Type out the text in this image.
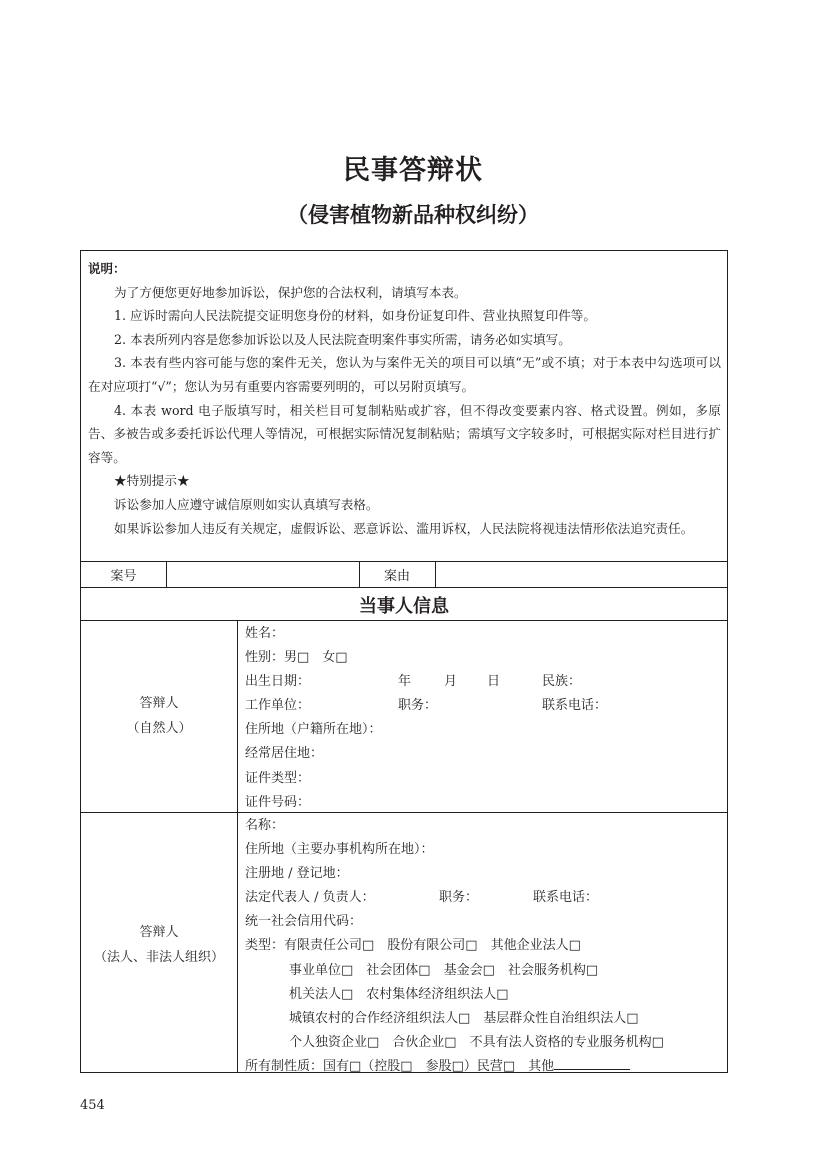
民事答辩状
（侵害植物新品种权纠纷）

说明：

为了方便您更好地参加诉讼，保护您的合法权利，请填写本表。

1. 应诉时需向人民法院提交证明您身份的材料，如身份证复印件、营业执照复印件等。

2. 本表所列内容是您参加诉讼以及人民法院查明案件事实所需，请务必如实填写。

3. 本表有些内容可能与您的案件无关，您认为与案件无关的项目可以填“无”或不填；对于本表中勾选项可以在对应项打“√”；您认为另有重要内容需要列明的，可以另附页填写。

4. 本表 word 电子版填写时，相关栏目可复制粘贴或扩容，但不得改变要素内容、格式设置。例如，多原告、多被告或多委托诉讼代理人等情况，可根据实际情况复制粘贴；需填写文字较多时，可根据实际对栏目进行扩容等。

★特别提示★

诉讼参加人应遵守诚信原则如实认真填写表格。

如果诉讼参加人违反有关规定，虚假诉讼、恶意诉讼、滥用诉权，人民法院将视违法情形依法追究责任。

案号	案由
当事人信息
答辩人
（自然人）
姓名：
性别：男□　女□
出生日期：	年	月 日	民族：
工作单位：	职务：	联系电话：
住所地（户籍所在地）：
经常居住地：
证件类型：
证件号码：
答辩人
（法人、非法人组织）
名称：
住所地（主要办事机构所在地）：
注册地 / 登记地：
法定代表人 / 负责人：	职务：	联系电话：
统一社会信用代码：
类型：有限责任公司□　股份有限公司□　其他企业法人□
事业单位□　社会团体□　基金会□　社会服务机构□
机关法人□　农村集体经济组织法人□
城镇农村的合作经济组织法人□　基层群众性自治组织法人□
个人独资企业□　合伙企业□　不具有法人资格的专业服务机构□
所有制性质：国有□（控股□　参股□）民营□　其他
454
